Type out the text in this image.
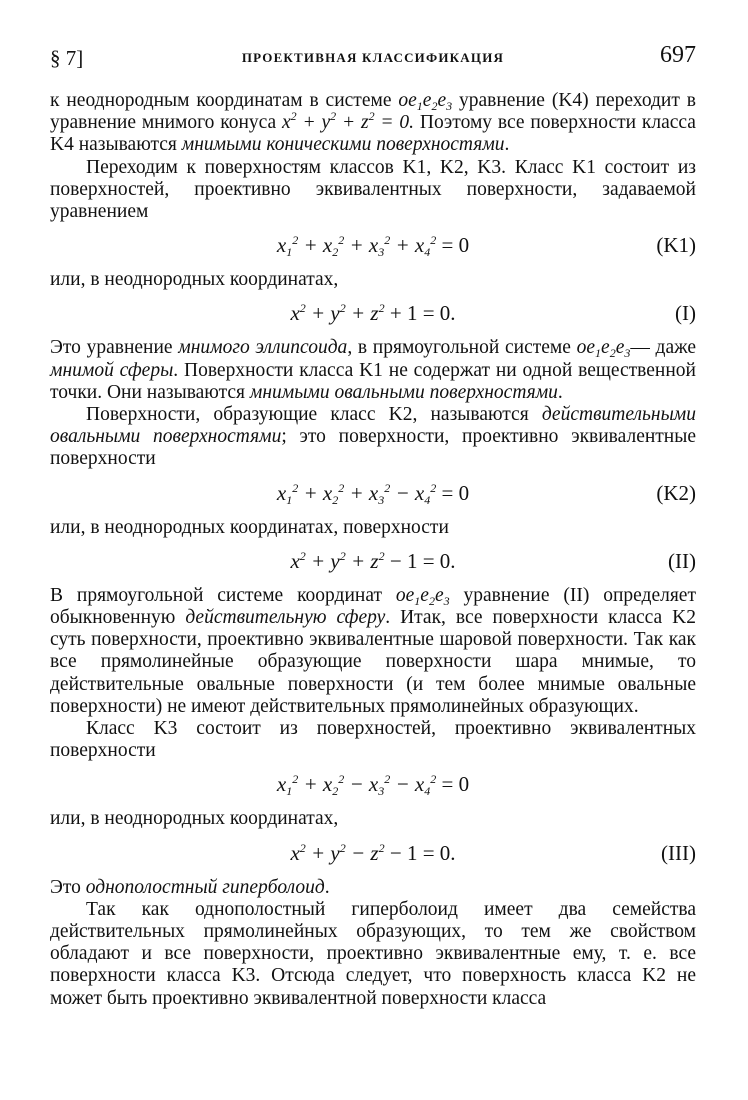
§ 7]	ПРОЕКТИВНАЯ КЛАССИФИКАЦИЯ	697

к неоднородным координатам в системе $oe_1e_2e_3$ уравнение (K4) переходит в уравнение мнимого конуса $x^2 + y^2 + z^2 = 0$. Поэтому все поверхности класса K4 называются мнимыми коническими поверхностями.

Переходим к поверхностям классов K1, K2, K3. Класс K1 состоит из поверхностей, проективно эквивалентных поверхности, задаваемой уравнением

$x_1^2 + x_2^2 + x_3^2 + x_4^2 = 0$	(K1)

или, в неоднородных координатах,

$x^2 + y^2 + z^2 + 1 = 0$.	(I)

Это уравнение мнимого эллипсоида, в прямоугольной системе $oe_1e_2e_3—$ даже мнимой сферы. Поверхности класса K1 не содержат ни одной вещественной точки. Они называются мнимыми овальными поверхностями.

Поверхности, образующие класс K2, называются действительными овальными поверхностями; это поверхности, проективно эквивалентные поверхности

$x_1^2 + x_2^2 + x_3^2 - x_4^2 = 0$	(K2)

или, в неоднородных координатах, поверхности

$x^2 + y^2 + z^2 - 1 = 0$.	(II)

В прямоугольной системе координат $oe_1e_2e_3$ уравнение (II) определяет обыкновенную действительную сферу. Итак, все поверхности класса K2 суть поверхности, проективно эквивалентные шаровой поверхности. Так как все прямолинейные образующие поверхности шара мнимые, то действительные овальные поверхности (и тем более мнимые овальные поверхности) не имеют действительных прямолинейных образующих.

Класс K3 состоит из поверхностей, проективно эквивалентных поверхности

$x_1^2 + x_2^2 - x_3^2 - x_4^2 = 0$

или, в неоднородных координатах,

$x^2 + y^2 - z^2 - 1 = 0$.	(III)

Это однополостный гиперболоид.

Так как однополостный гиперболоид имеет два семейства действительных прямолинейных образующих, то тем же свойством обладают и все поверхности, проективно эквивалентные ему, т. е. все поверхности класса K3. Отсюда следует, что поверхность класса K2 не может быть проективно эквивалентной поверхности класса
